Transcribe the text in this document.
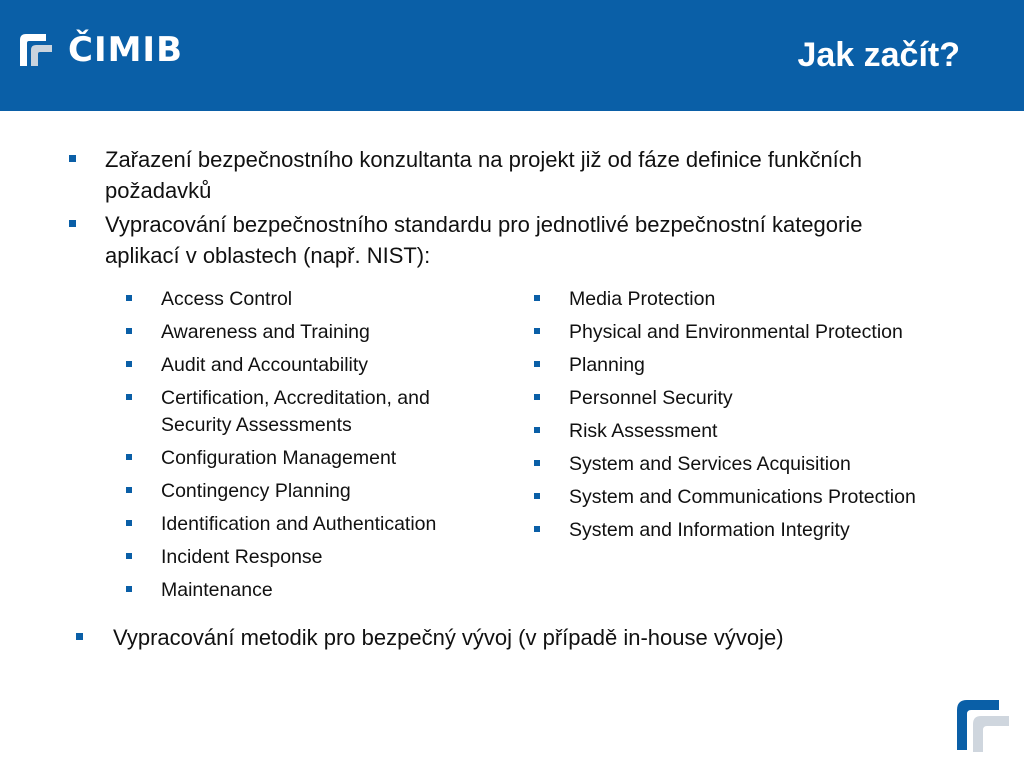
ČIMIB	Jak začít?
Zařazení bezpečnostního konzultanta na projekt již od fáze definice funkčních požadavků
Vypracování bezpečnostního standardu pro jednotlivé bezpečnostní kategorie aplikací v oblastech (např. NIST):
Access Control
Awareness and Training
Audit and Accountability
Certification, Accreditation, and Security Assessments
Configuration Management
Contingency Planning
Identification and Authentication
Incident Response
Maintenance
Media Protection
Physical and Environmental Protection
Planning
Personnel Security
Risk Assessment
System and Services Acquisition
System and Communications Protection
System and Information Integrity
Vypracování metodik pro bezpečný vývoj (v případě in-house vývoje)
